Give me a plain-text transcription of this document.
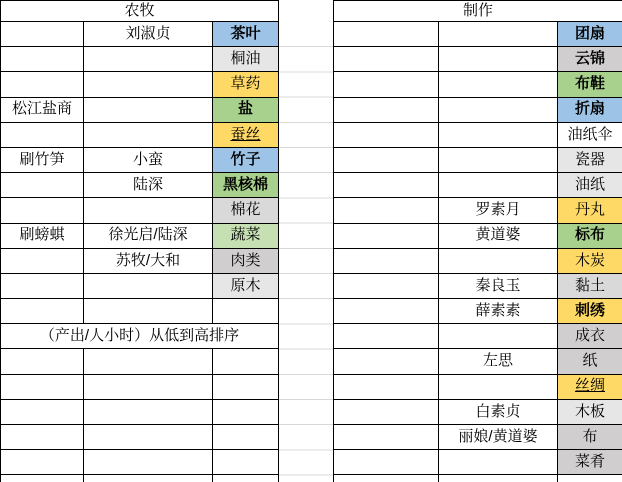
农牧		
	刘淑贞	茶叶
		桐油
		草药
松江盐商		盐
		蚕丝
刷竹笋	小蛮	竹子
	陆深	黑核棉
		棉花
刷螃蜞	徐光启/陆深	蔬菜
	苏牧/大和	肉类
		原木

（产出/人小时）从低到高排序		

制作		
		团扇
		云锦
		布鞋
		折扇
		油纸伞
		瓷器
		油纸
	罗素月	丹丸
	黄道婆	标布
		木炭
	秦良玉	黏土
	薛素素	刺绣
		成衣
	左思	纸
		丝绸
	白素贞	木板
	丽娘/黄道婆	布
		菜肴
